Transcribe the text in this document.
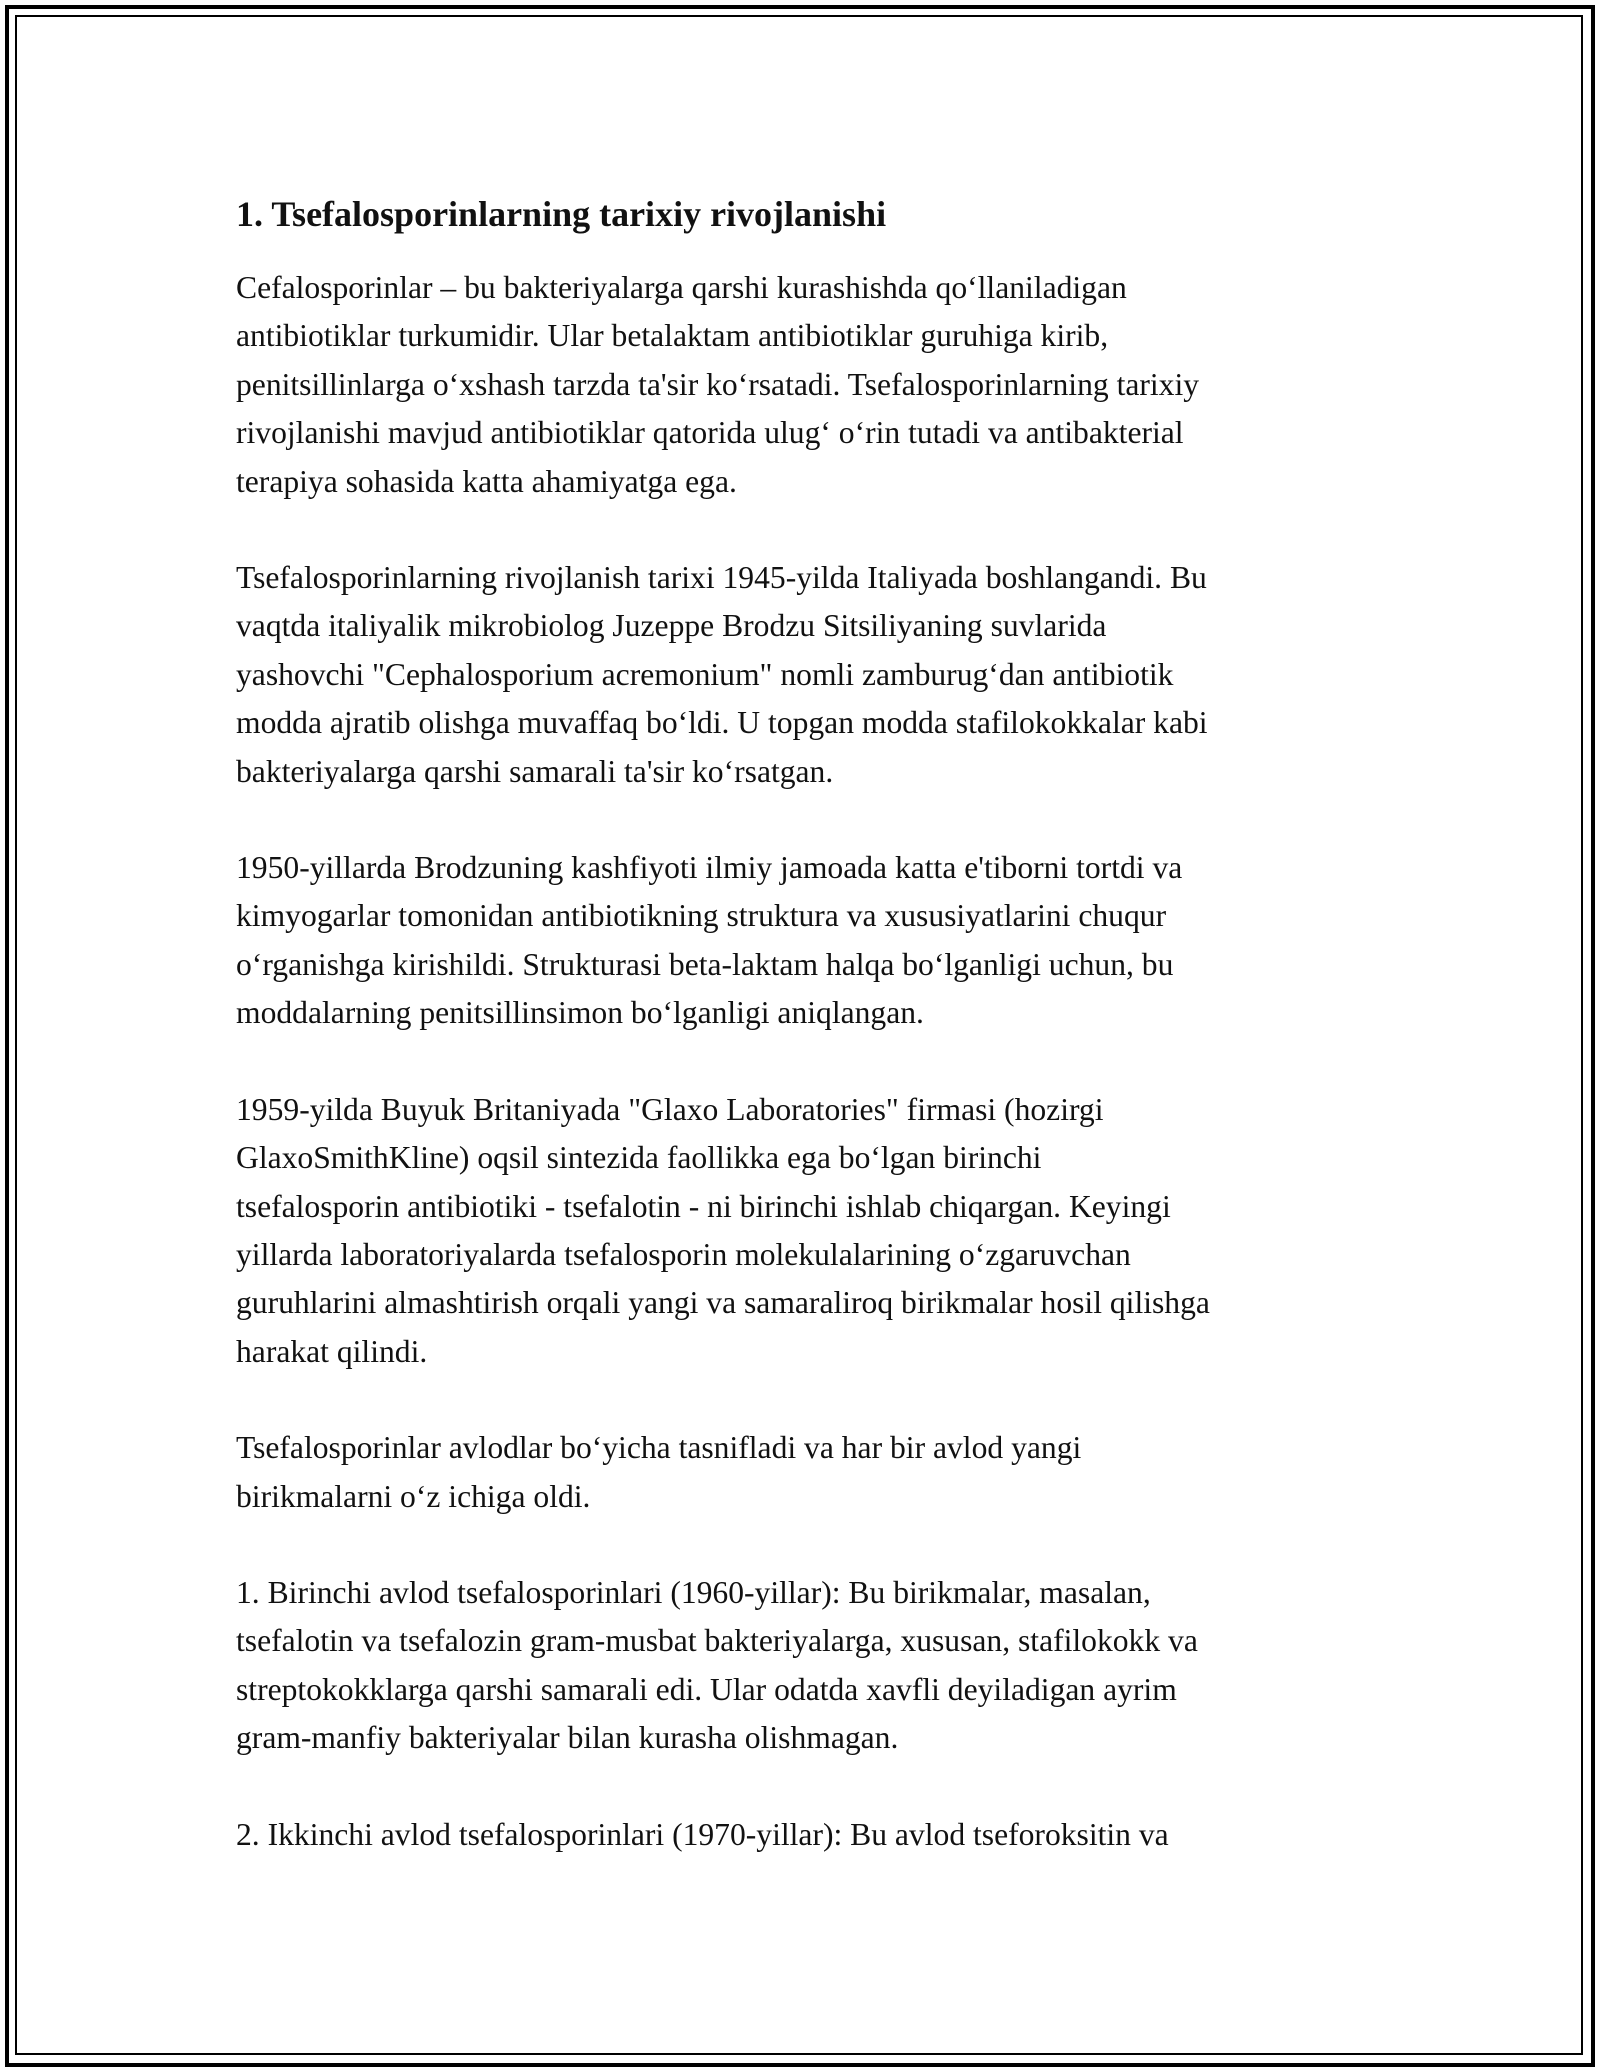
1. Tsefalosporinlarning tarixiy rivojlanishi

Cefalosporinlar – bu bakteriyalarga qarshi kurashishda qo‘llaniladigan
antibiotiklar turkumidir. Ular betalaktam antibiotiklar guruhiga kirib,
penitsillinlarga o‘xshash tarzda ta'sir ko‘rsatadi. Tsefalosporinlarning tarixiy
rivojlanishi mavjud antibiotiklar qatorida ulug‘ o‘rin tutadi va antibakterial
terapiya sohasida katta ahamiyatga ega.

Tsefalosporinlarning rivojlanish tarixi 1945-yilda Italiyada boshlangandi. Bu
vaqtda italiyalik mikrobiolog Juzeppe Brodzu Sitsiliyaning suvlarida
yashovchi "Cephalosporium acremonium" nomli zamburug‘dan antibiotik
modda ajratib olishga muvaffaq bo‘ldi. U topgan modda stafilokokkalar kabi
bakteriyalarga qarshi samarali ta'sir ko‘rsatgan.

1950-yillarda Brodzuning kashfiyoti ilmiy jamoada katta e'tiborni tortdi va
kimyogarlar tomonidan antibiotikning struktura va xususiyatlarini chuqur
o‘rganishga kirishildi. Strukturasi beta-laktam halqa bo‘lganligi uchun, bu
moddalarning penitsillinsimon bo‘lganligi aniqlangan.

1959-yilda Buyuk Britaniyada "Glaxo Laboratories" firmasi (hozirgi
GlaxoSmithKline) oqsil sintezida faollikka ega bo‘lgan birinchi
tsefalosporin antibiotiki - tsefalotin - ni birinchi ishlab chiqargan. Keyingi
yillarda laboratoriyalarda tsefalosporin molekulalarining o‘zgaruvchan
guruhlarini almashtirish orqali yangi va samaraliroq birikmalar hosil qilishga
harakat qilindi.

Tsefalosporinlar avlodlar bo‘yicha tasnifladi va har bir avlod yangi
birikmalarni o‘z ichiga oldi.

1. Birinchi avlod tsefalosporinlari (1960-yillar): Bu birikmalar, masalan,
tsefalotin va tsefalozin gram-musbat bakteriyalarga, xususan, stafilokokk va
streptokokklarga qarshi samarali edi. Ular odatda xavfli deyiladigan ayrim
gram-manfiy bakteriyalar bilan kurasha olishmagan.

2. Ikkinchi avlod tsefalosporinlari (1970-yillar): Bu avlod tseforoksitin va
